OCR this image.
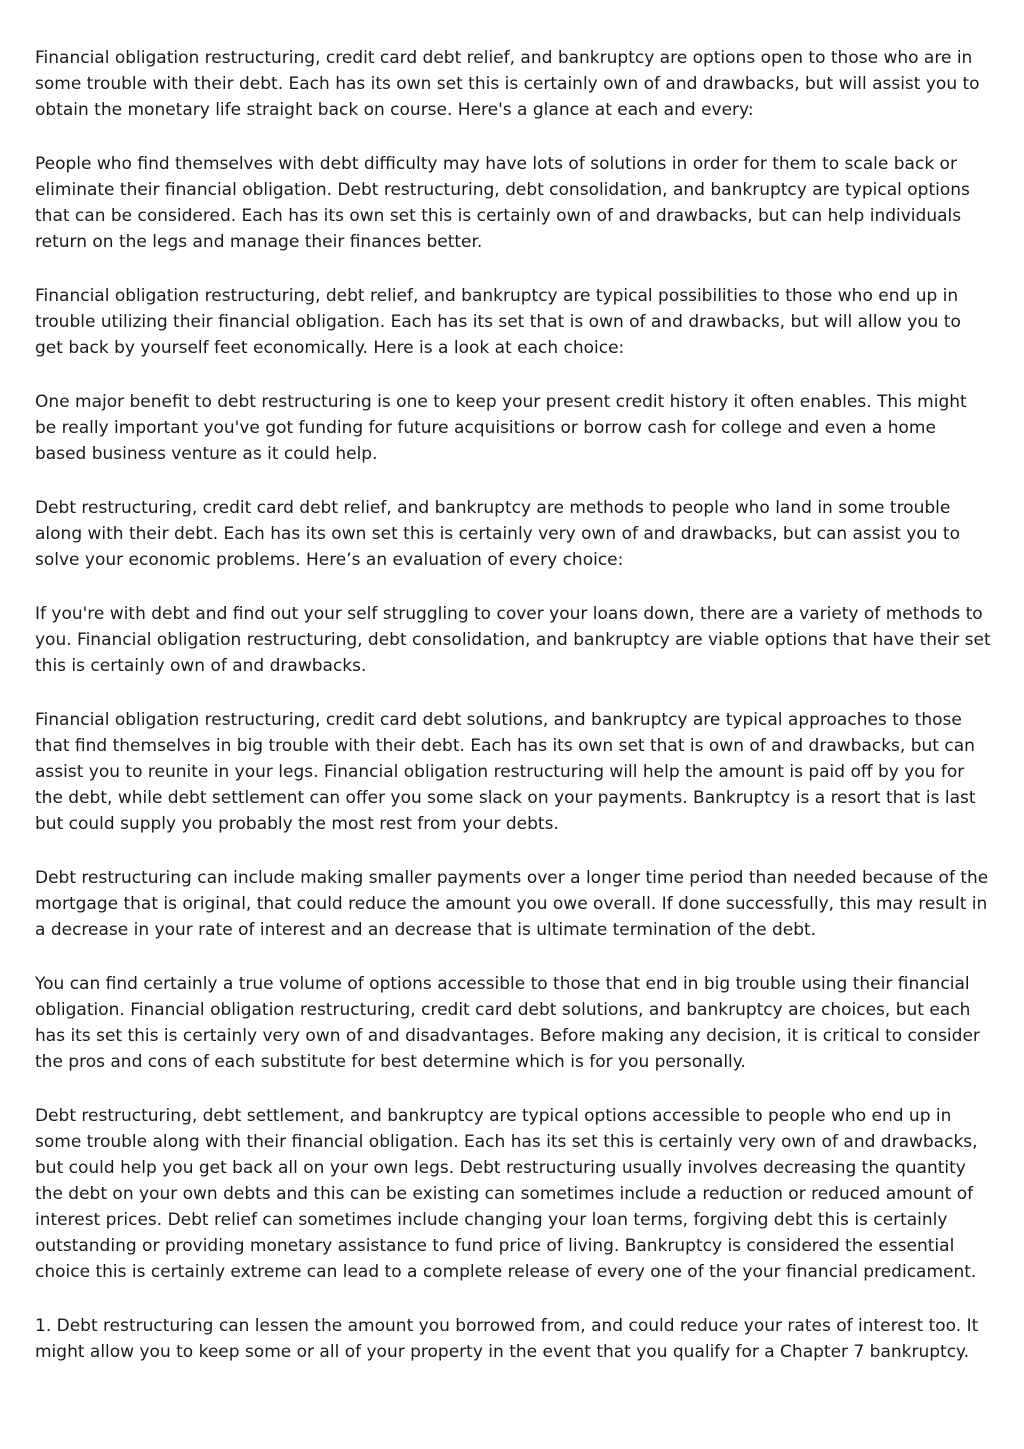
Financial obligation restructuring, credit card debt relief, and bankruptcy are options open to those who are in some trouble with their debt. Each has its own set this is certainly own of and drawbacks, but will assist you to obtain the monetary life straight back on course. Here's a glance at each and every:

People who find themselves with debt difficulty may have lots of solutions in order for them to scale back or eliminate their financial obligation. Debt restructuring, debt consolidation, and bankruptcy are typical options that can be considered. Each has its own set this is certainly own of and drawbacks, but can help individuals return on the legs and manage their finances better.

Financial obligation restructuring, debt relief, and bankruptcy are typical possibilities to those who end up in trouble utilizing their financial obligation. Each has its set that is own of and drawbacks, but will allow you to get back by yourself feet economically. Here is a look at each choice:

One major benefit to debt restructuring is one to keep your present credit history it often enables. This might be really important you've got funding for future acquisitions or borrow cash for college and even a home based business venture as it could help.

Debt restructuring, credit card debt relief, and bankruptcy are methods to people who land in some trouble along with their debt. Each has its own set this is certainly very own of and drawbacks, but can assist you to solve your economic problems. Here’s an evaluation of every choice:

If you're with debt and find out your self struggling to cover your loans down, there are a variety of methods to you. Financial obligation restructuring, debt consolidation, and bankruptcy are viable options that have their set this is certainly own of and drawbacks.

Financial obligation restructuring, credit card debt solutions, and bankruptcy are typical approaches to those that find themselves in big trouble with their debt. Each has its own set that is own of and drawbacks, but can assist you to reunite in your legs. Financial obligation restructuring will help the amount is paid off by you for the debt, while debt settlement can offer you some slack on your payments. Bankruptcy is a resort that is last but could supply you probably the most rest from your debts.

Debt restructuring can include making smaller payments over a longer time period than needed because of the mortgage that is original, that could reduce the amount you owe overall. If done successfully, this may result in a decrease in your rate of interest and an decrease that is ultimate termination of the debt.

You can find certainly a true volume of options accessible to those that end in big trouble using their financial obligation. Financial obligation restructuring, credit card debt solutions, and bankruptcy are choices, but each has its set this is certainly very own of and disadvantages. Before making any decision, it is critical to consider the pros and cons of each substitute for best determine which is for you personally.

Debt restructuring, debt settlement, and bankruptcy are typical options accessible to people who end up in some trouble along with their financial obligation. Each has its set this is certainly very own of and drawbacks, but could help you get back all on your own legs. Debt restructuring usually involves decreasing the quantity the debt on your own debts and this can be existing can sometimes include a reduction or reduced amount of interest prices. Debt relief can sometimes include changing your loan terms, forgiving debt this is certainly outstanding or providing monetary assistance to fund price of living. Bankruptcy is considered the essential choice this is certainly extreme can lead to a complete release of every one of the your financial predicament.

1. Debt restructuring can lessen the amount you borrowed from, and could reduce your rates of interest too. It might allow you to keep some or all of your property in the event that you qualify for a Chapter 7 bankruptcy.
